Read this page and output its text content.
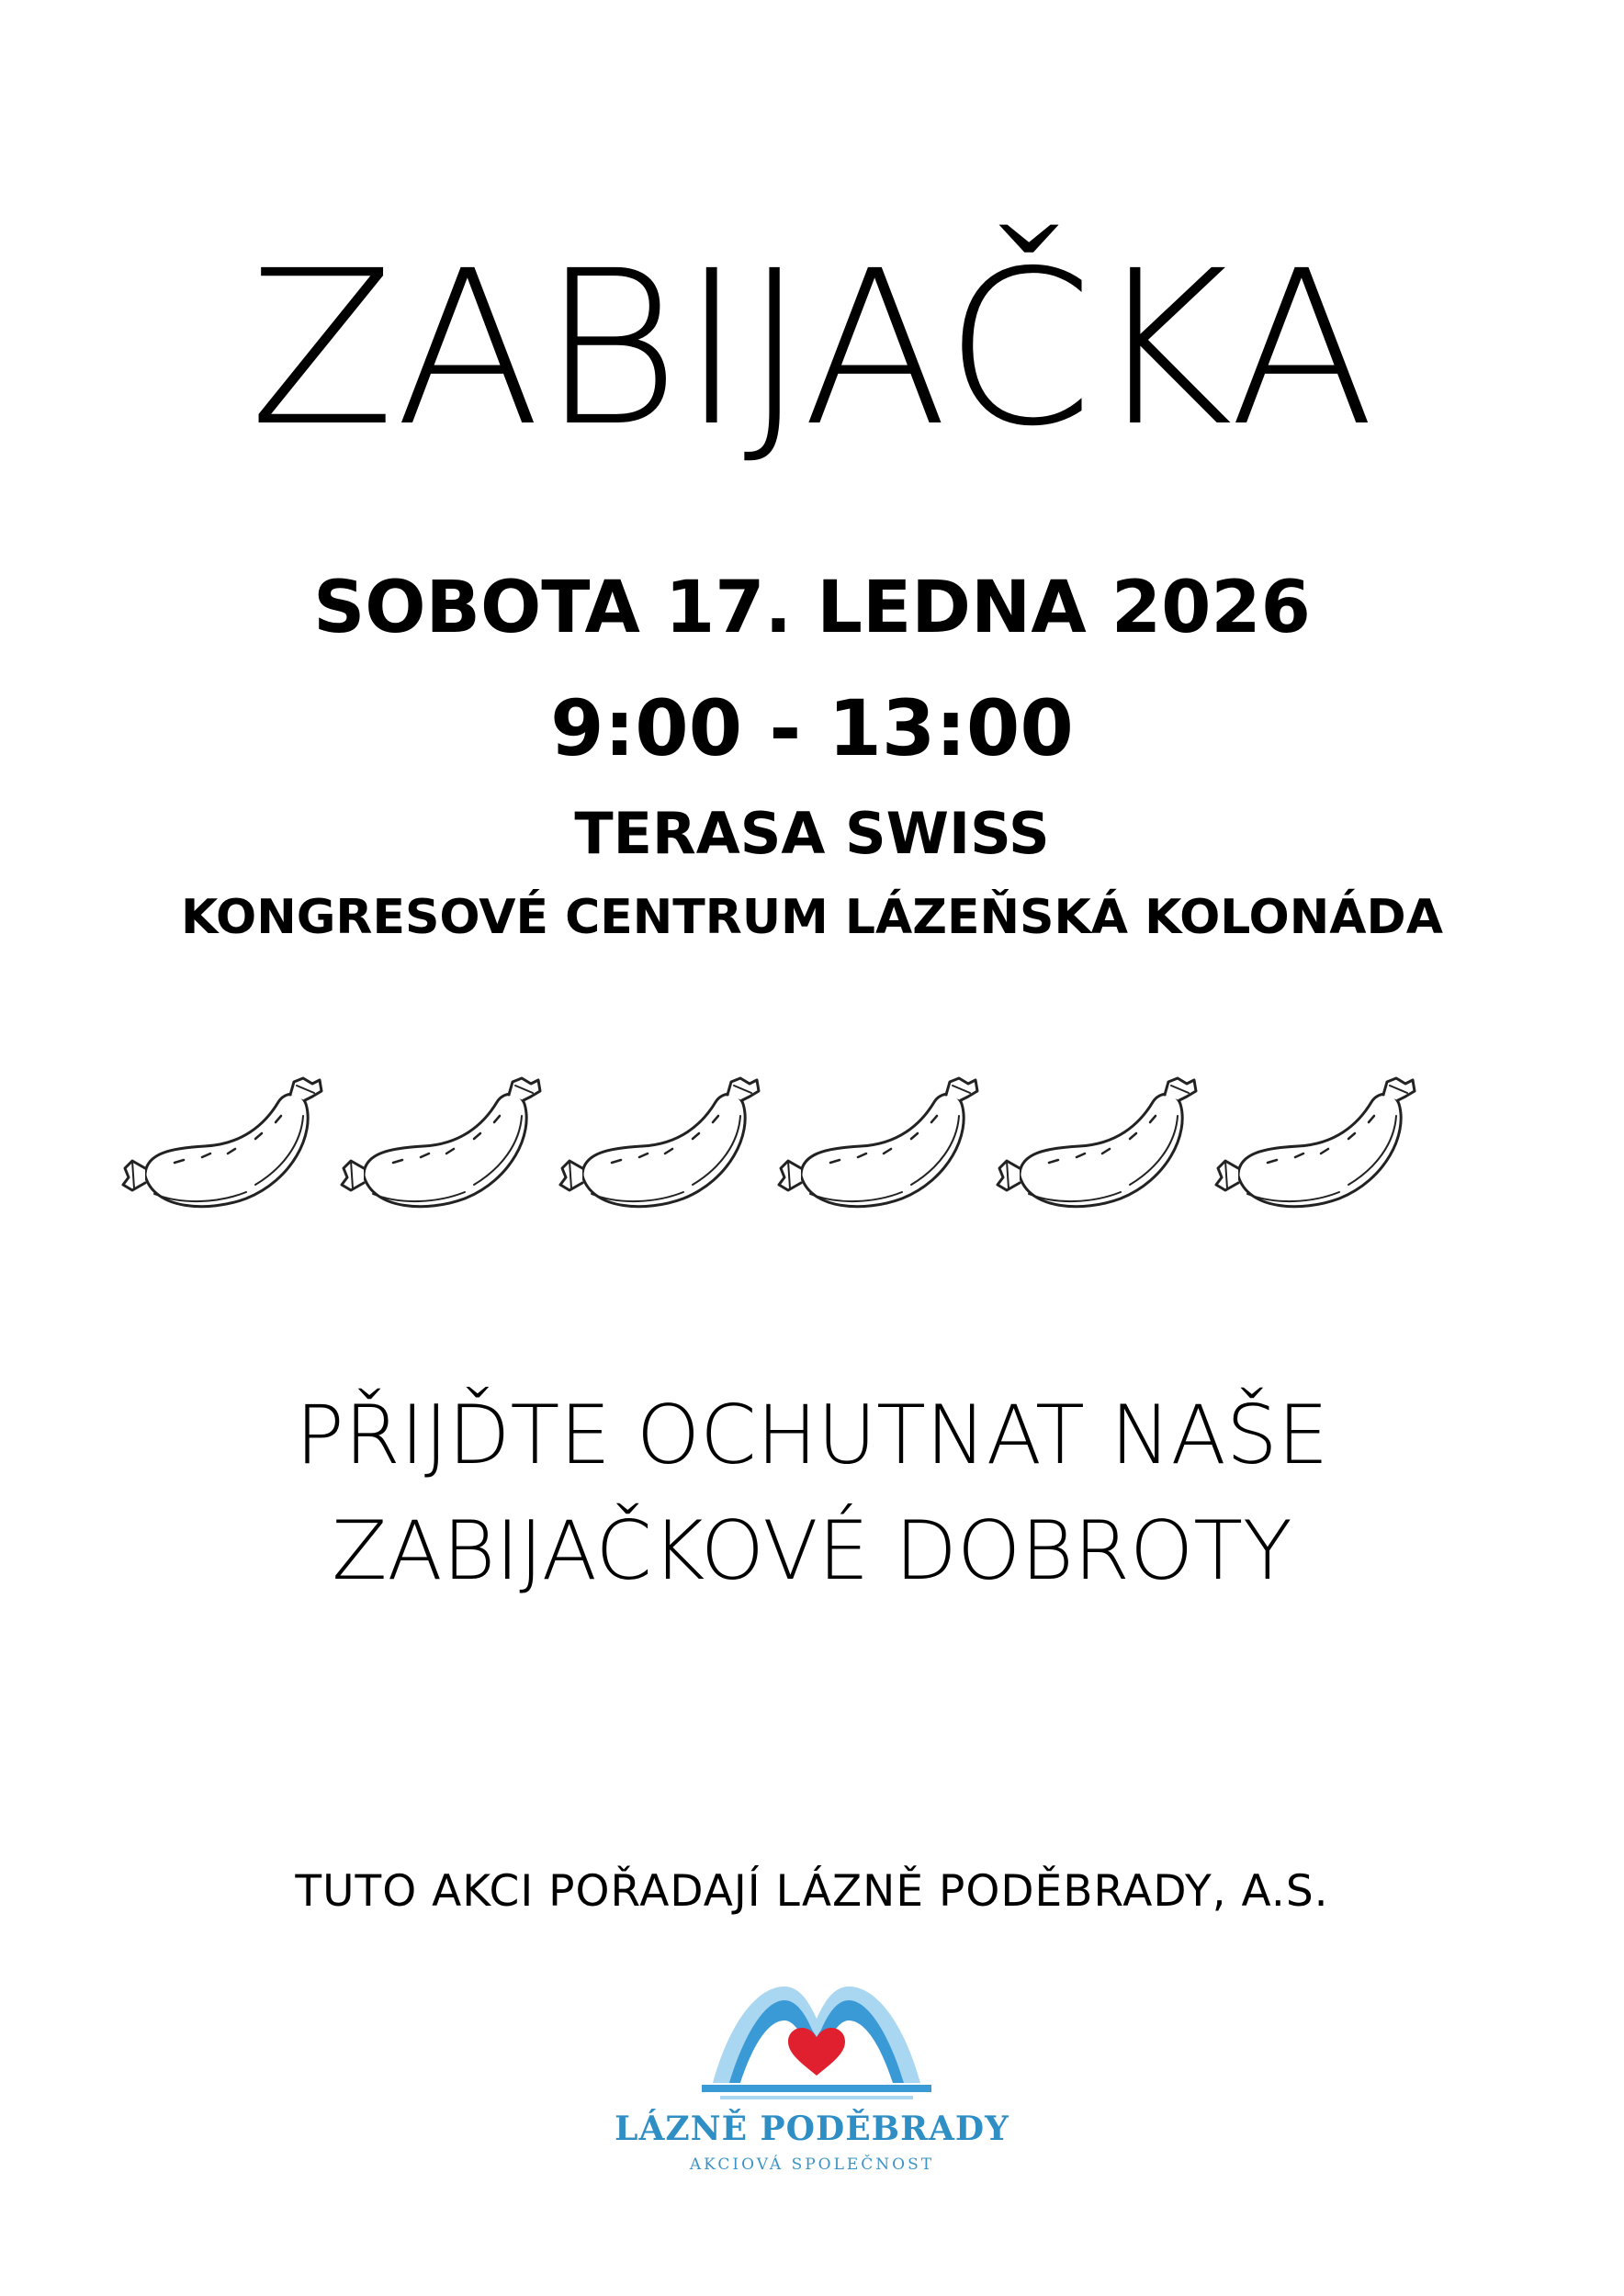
ZABIJAČKA
SOBOTA 17. LEDNA 2026
9:00 - 13:00
TERASA SWISS
KONGRESOVÉ CENTRUM LÁZEŇSKÁ KOLONÁDA
PŘIJĎTE OCHUTNAT NAŠE
ZABIJAČKOVÉ DOBROTY
TUTO AKCI POŘADAJÍ LÁZNĚ PODĚBRADY, A.S.
LÁZNĚ PODĚBRADY
AKCIOVÁ SPOLEČNOST
